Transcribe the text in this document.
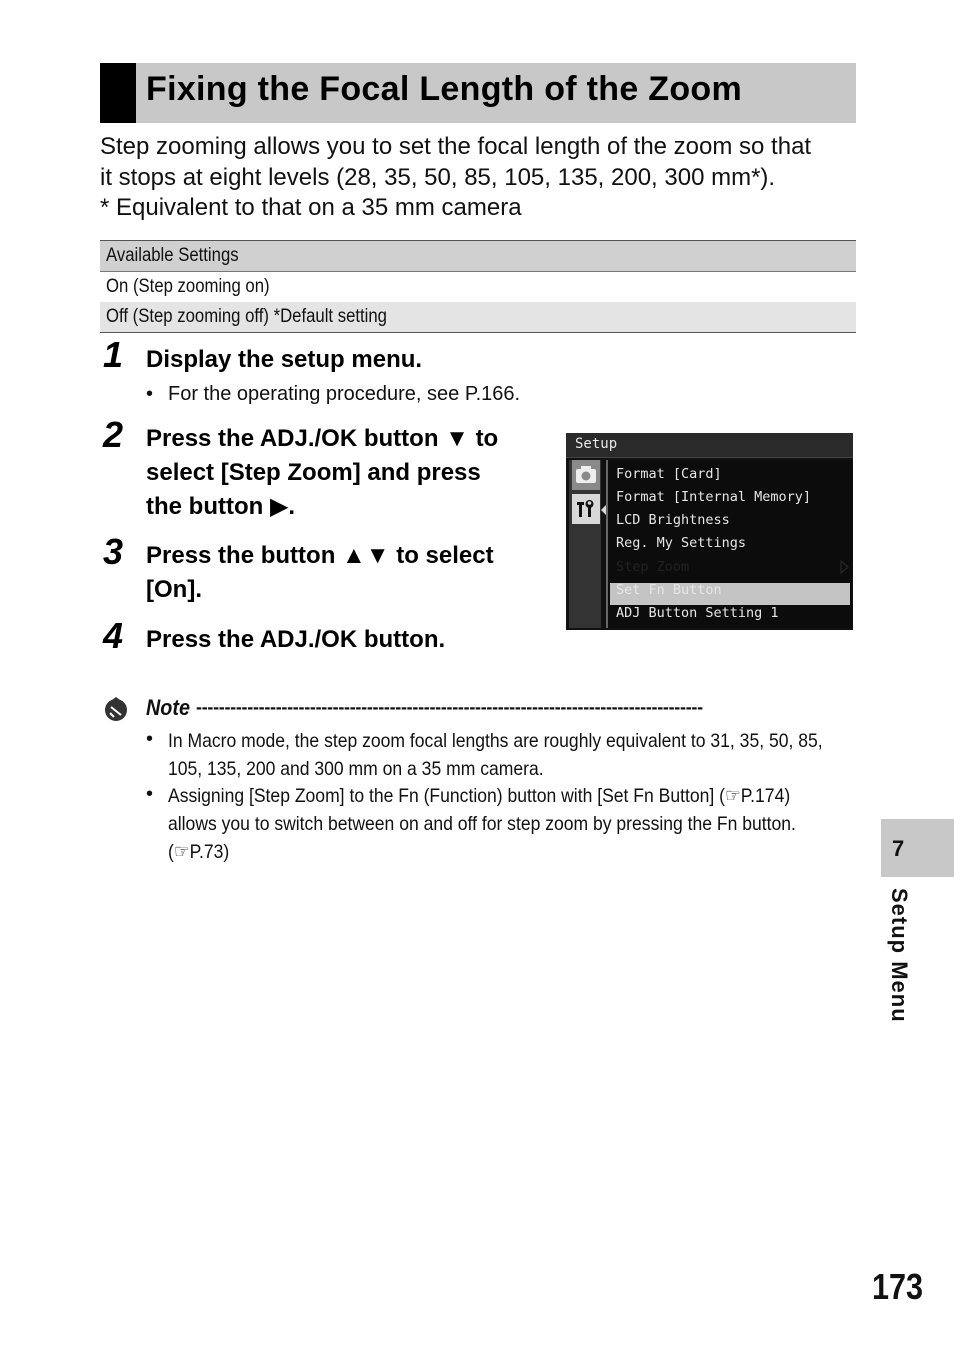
Fixing the Focal Length of the Zoom
Step zooming allows you to set the focal length of the zoom so that
it stops at eight levels (28, 35, 50, 85, 105, 135, 200, 300 mm*).
* Equivalent to that on a 35 mm camera
Available Settings
On (Step zooming on)
Off (Step zooming off) *Default setting
1 Display the setup menu.
• For the operating procedure, see P.166.
2 Press the ADJ./OK button ▼ to
select [Step Zoom] and press
the button ▶.
3 Press the button ▲▼ to select
[On].
4 Press the ADJ./OK button.
Setup
Format [Card]
Format [Internal Memory]
LCD Brightness
Reg. My Settings
Step Zoom
Set Fn Button
ADJ Button Setting 1
Note -----------------------------------------------------------------------------------------
• In Macro mode, the step zoom focal lengths are roughly equivalent to 31, 35, 50, 85,
105, 135, 200 and 300 mm on a 35 mm camera.
• Assigning [Step Zoom] to the Fn (Function) button with [Set Fn Button] (☞P.174)
allows you to switch between on and off for step zoom by pressing the Fn button.
(☞P.73)	7
Setup Menu
173
